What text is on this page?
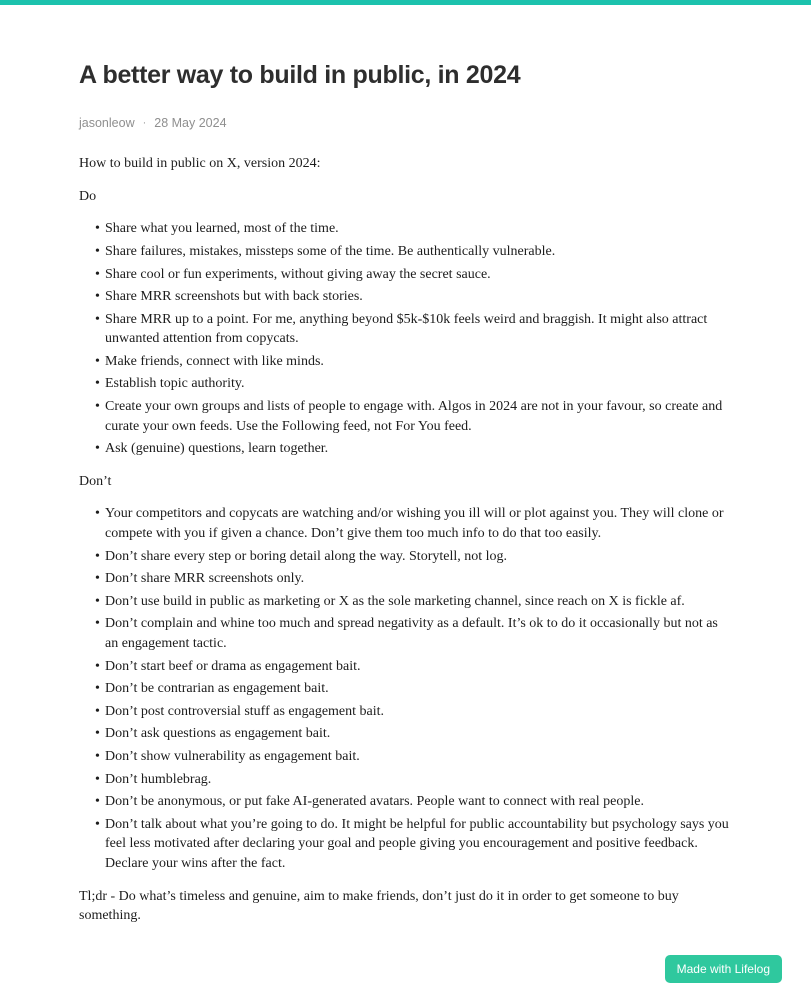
A better way to build in public, in 2024
jasonleow · 28 May 2024

How to build in public on X, version 2024:

Do

• Share what you learned, most of the time.
• Share failures, mistakes, missteps some of the time. Be authentically vulnerable.
• Share cool or fun experiments, without giving away the secret sauce.
• Share MRR screenshots but with back stories.
• Share MRR up to a point. For me, anything beyond $5k-$10k feels weird and braggish. It might also attract unwanted attention from copycats.
• Make friends, connect with like minds.
• Establish topic authority.
• Create your own groups and lists of people to engage with. Algos in 2024 are not in your favour, so create and curate your own feeds. Use the Following feed, not For You feed.
• Ask (genuine) questions, learn together.

Don’t

• Your competitors and copycats are watching and/or wishing you ill will or plot against you. They will clone or compete with you if given a chance. Don’t give them too much info to do that too easily.
• Don’t share every step or boring detail along the way. Storytell, not log.
• Don’t share MRR screenshots only.
• Don’t use build in public as marketing or X as the sole marketing channel, since reach on X is fickle af.
• Don’t complain and whine too much and spread negativity as a default. It’s ok to do it occasionally but not as an engagement tactic.
• Don’t start beef or drama as engagement bait.
• Don’t be contrarian as engagement bait.
• Don’t post controversial stuff as engagement bait.
• Don’t ask questions as engagement bait.
• Don’t show vulnerability as engagement bait.
• Don’t humblebrag.
• Don’t be anonymous, or put fake AI-generated avatars. People want to connect with real people.
• Don’t talk about what you’re going to do. It might be helpful for public accountability but psychology says you feel less motivated after declaring your goal and people giving you encouragement and positive feedback. Declare your wins after the fact.

Tl;dr - Do what’s timeless and genuine, aim to make friends, don’t just do it in order to get someone to buy something.

Made with Lifelog
